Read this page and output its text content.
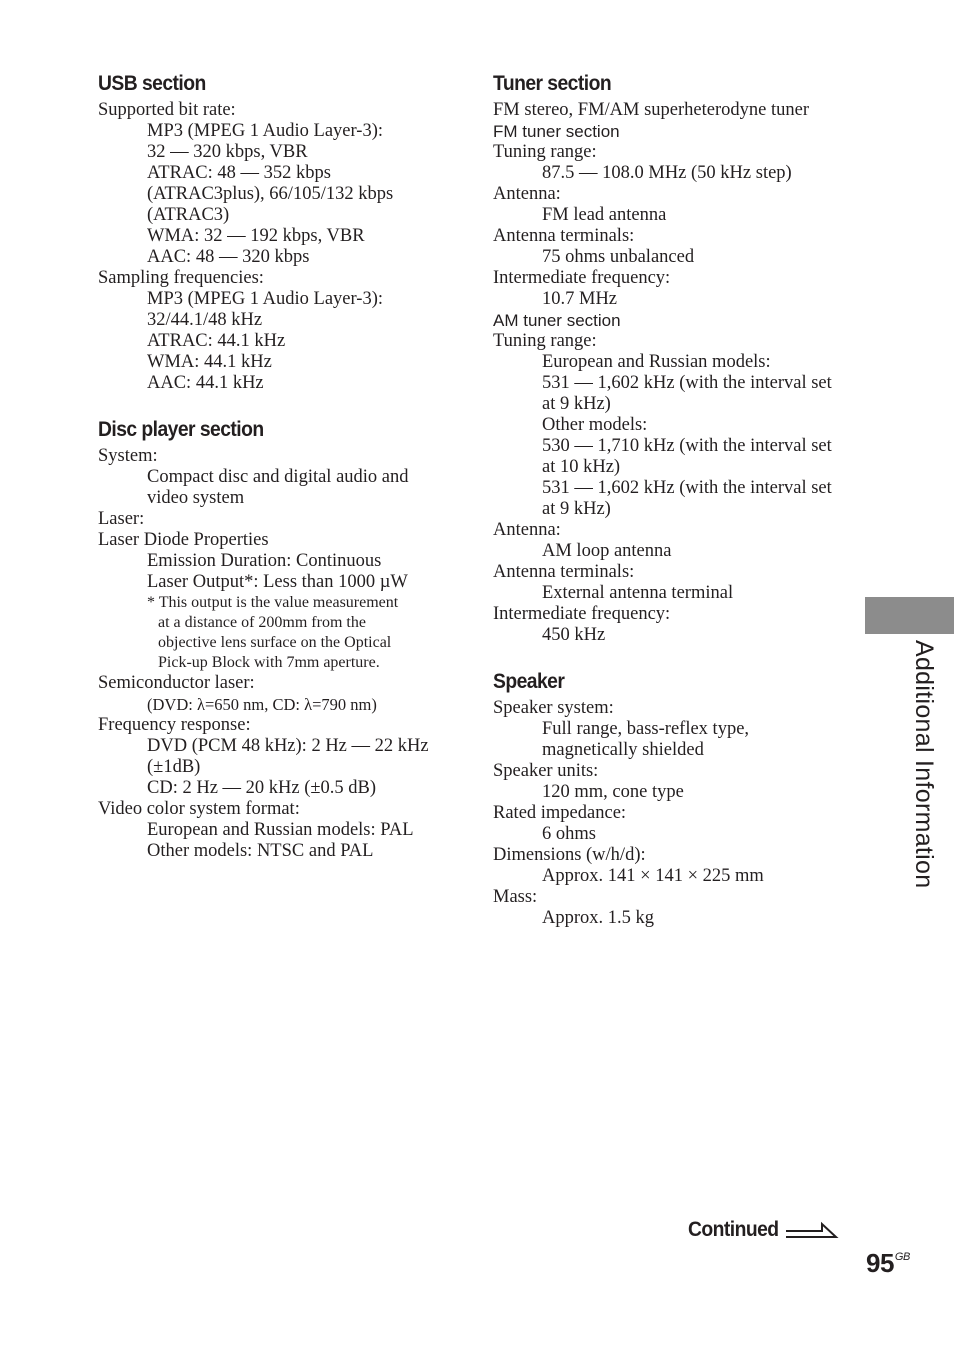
USB section
Supported bit rate:
MP3 (MPEG 1 Audio Layer-3):
32 — 320 kbps, VBR
ATRAC: 48 — 352 kbps
(ATRAC3plus), 66/105/132 kbps
(ATRAC3)
WMA: 32 — 192 kbps, VBR
AAC: 48 — 320 kbps
Sampling frequencies:
MP3 (MPEG 1 Audio Layer-3):
32/44.1/48 kHz
ATRAC: 44.1 kHz
WMA: 44.1 kHz
AAC: 44.1 kHz
Disc player section
System:
Compact disc and digital audio and
video system
Laser:
Laser Diode Properties
Emission Duration: Continuous
Laser Output*: Less than 1000 µW
* This output is the value measurement
at a distance of 200mm from the
objective lens surface on the Optical
Pick-up Block with 7mm aperture.
Semiconductor laser:
(DVD: λ=650 nm, CD: λ=790 nm)
Frequency response:
DVD (PCM 48 kHz): 2 Hz — 22 kHz
(±1dB)
CD: 2 Hz — 20 kHz (±0.5 dB)
Video color system format:
European and Russian models: PAL
Other models: NTSC and PAL
Tuner section
FM stereo, FM/AM superheterodyne tuner
FM tuner section
Tuning range:
87.5 — 108.0 MHz (50 kHz step)
Antenna:
FM lead antenna
Antenna terminals:
75 ohms unbalanced
Intermediate frequency:
10.7 MHz
AM tuner section
Tuning range:
European and Russian models:
531 — 1,602 kHz (with the interval set
at 9 kHz)
Other models:
530 — 1,710 kHz (with the interval set
at 10 kHz)
531 — 1,602 kHz (with the interval set
at 9 kHz)
Antenna:
AM loop antenna
Antenna terminals:
External antenna terminal
Intermediate frequency:
450 kHz
Speaker
Speaker system:
Full range, bass-reflex type,
magnetically shielded
Speaker units:
120 mm, cone type
Rated impedance:
6 ohms
Dimensions (w/h/d):
Approx. 141 × 141 × 225 mm
Mass:
Approx. 1.5 kg
Additional Information
Continued
$95^{GB}$
